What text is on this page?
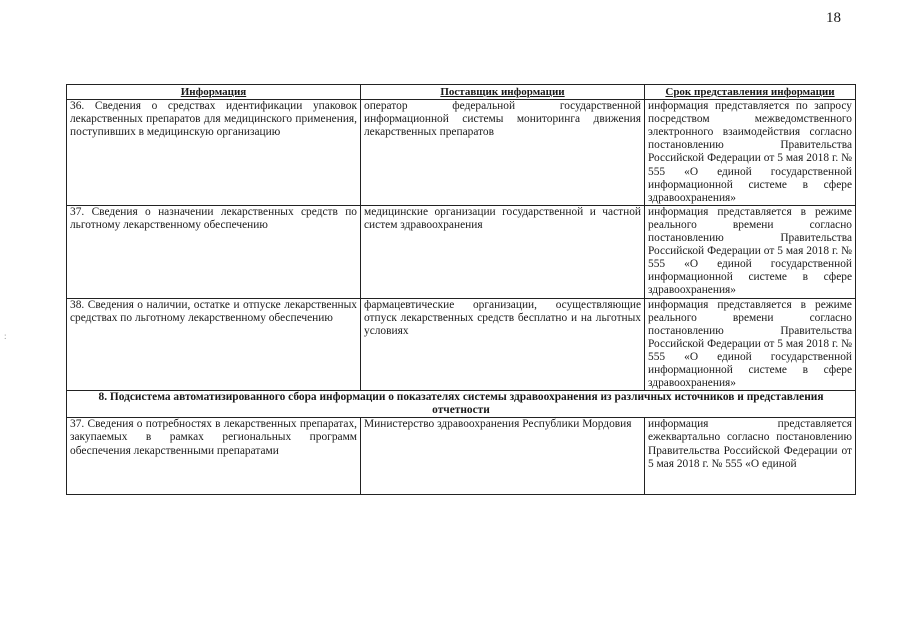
18
:
Информация	Поставщик информации	Срок представления информации
36. Сведения о средствах идентификации упаковок лекарственных препаратов для медицинского применения, поступивших в медицинскую организацию	оператор федеральной государственной информационной системы мониторинга движения лекарственных препаратов	информация представляется по запросу посредством межведомственного электронного взаимодействия согласно постановлению Правительства Российской Федерации от 5 мая 2018 г. № 555 «О единой государственной информационной системе в сфере здравоохранения»
37. Сведения о назначении лекарственных средств по льготному лекарственному обеспечению	медицинские организации государственной и частной систем здравоохранения	информация представляется в режиме реального времени согласно постановлению Правительства Российской Федерации от 5 мая 2018 г. № 555 «О единой государственной информационной системе в сфере здравоохранения»
38. Сведения о наличии, остатке и отпуске лекарственных средствах по льготному лекарственному обеспечению	фармацевтические организации, осуществляющие отпуск лекарственных средств бесплатно и на льготных условиях	информация представляется в режиме реального времени согласно постановлению Правительства Российской Федерации от 5 мая 2018 г. № 555 «О единой государственной информационной системе в сфере здравоохранения»
8. Подсистема автоматизированного сбора информации о показателях системы здравоохранения из различных источников и представления отчетности		
37. Сведения о потребностях в лекарственных препаратах, закупаемых в рамках региональных программ обеспечения лекарственными препаратами	Министерство здравоохранения Республики Мордовия	информация представляется ежеквартально согласно постановлению Правительства Российской Федерации от 5 мая 2018 г. № 555 «О единой
